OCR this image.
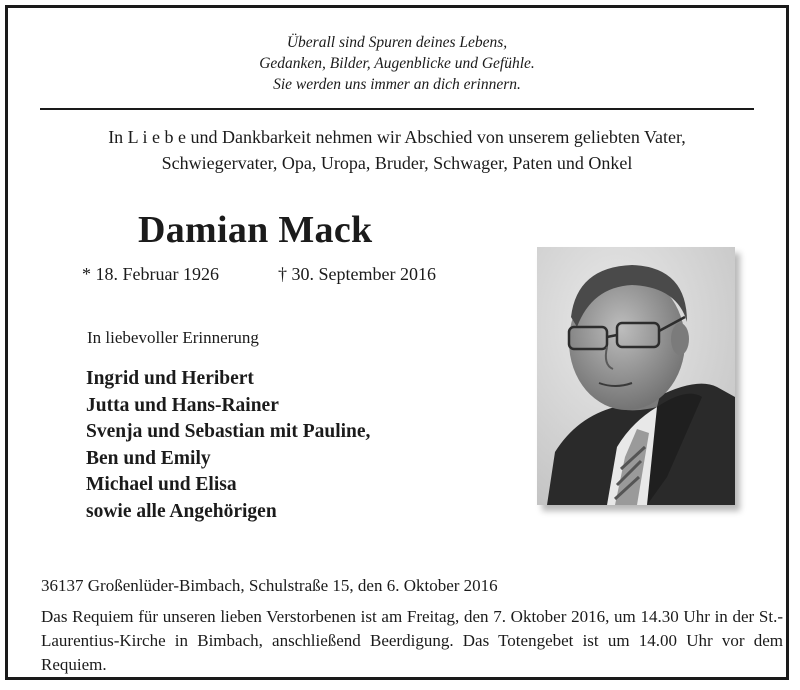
Überall sind Spuren deines Lebens,
Gedanken, Bilder, Augenblicke und Gefühle.
Sie werden uns immer an dich erinnern.
In L i e b e und Dankbarkeit nehmen wir Abschied von unserem geliebten Vater,
Schwiegervater, Opa, Uropa, Bruder, Schwager, Paten und Onkel
Damian Mack
* 18. Februar 1926	† 30. September 2016
In liebevoller Erinnerung
Ingrid und Heribert
Jutta und Hans-Rainer
Svenja und Sebastian mit Pauline,
Ben und Emily
Michael und Elisa
sowie alle Angehörigen
36137 Großenlüder-Bimbach, Schulstraße 15, den 6. Oktober 2016
Das Requiem für unseren lieben Verstorbenen ist am Freitag, den 7. Oktober 2016, um 14.30 Uhr in der St.-Laurentius-Kirche in Bimbach, anschließend Beerdigung. Das Totengebet ist um 14.00 Uhr vor dem Requiem.
